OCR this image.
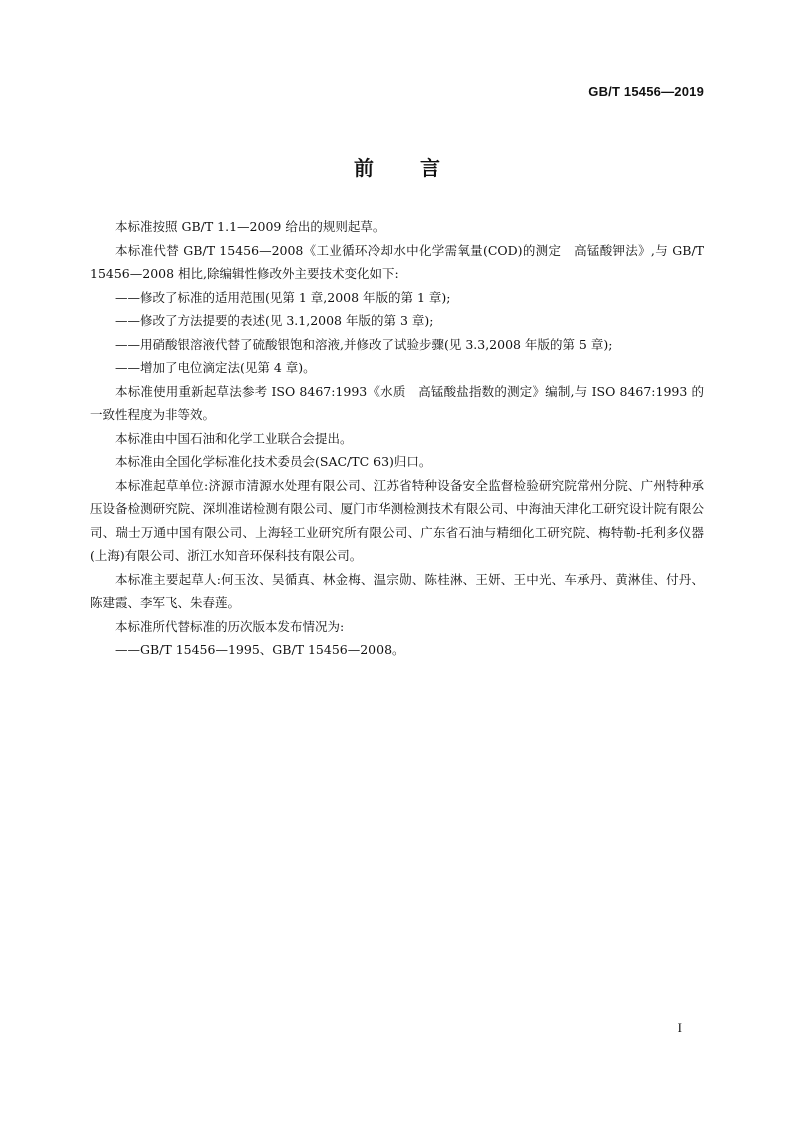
GB/T 15456—2019
前言

本标准按照 GB/T 1.1—2009 给出的规则起草。

本标准代替 GB/T 15456—2008《工业循环冷却水中化学需氧量(COD)的测定　高锰酸钾法》,与 GB/T 15456—2008 相比,除编辑性修改外主要技术变化如下:

——修改了标准的适用范围(见第 1 章,2008 年版的第 1 章);

——修改了方法提要的表述(见 3.1,2008 年版的第 3 章);

——用硝酸银溶液代替了硫酸银饱和溶液,并修改了试验步骤(见 3.3,2008 年版的第 5 章);

——增加了电位滴定法(见第 4 章)。

本标准使用重新起草法参考 ISO 8467:1993《水质　高锰酸盐指数的测定》编制,与 ISO 8467:1993 的一致性程度为非等效。

本标准由中国石油和化学工业联合会提出。

本标准由全国化学标准化技术委员会(SAC/TC 63)归口。

本标准起草单位:济源市清源水处理有限公司、江苏省特种设备安全监督检验研究院常州分院、广州特种承压设备检测研究院、深圳准诺检测有限公司、厦门市华测检测技术有限公司、中海油天津化工研究设计院有限公司、瑞士万通中国有限公司、上海轻工业研究所有限公司、广东省石油与精细化工研究院、梅特勒-托利多仪器(上海)有限公司、浙江水知音环保科技有限公司。

本标准主要起草人:何玉汝、吴循真、林金梅、温宗勋、陈桂淋、王妍、王中光、车承丹、黄淋佳、付丹、陈建霞、李军飞、朱春莲。

本标准所代替标准的历次版本发布情况为:

——GB/T 15456—1995、GB/T 15456—2008。

I
